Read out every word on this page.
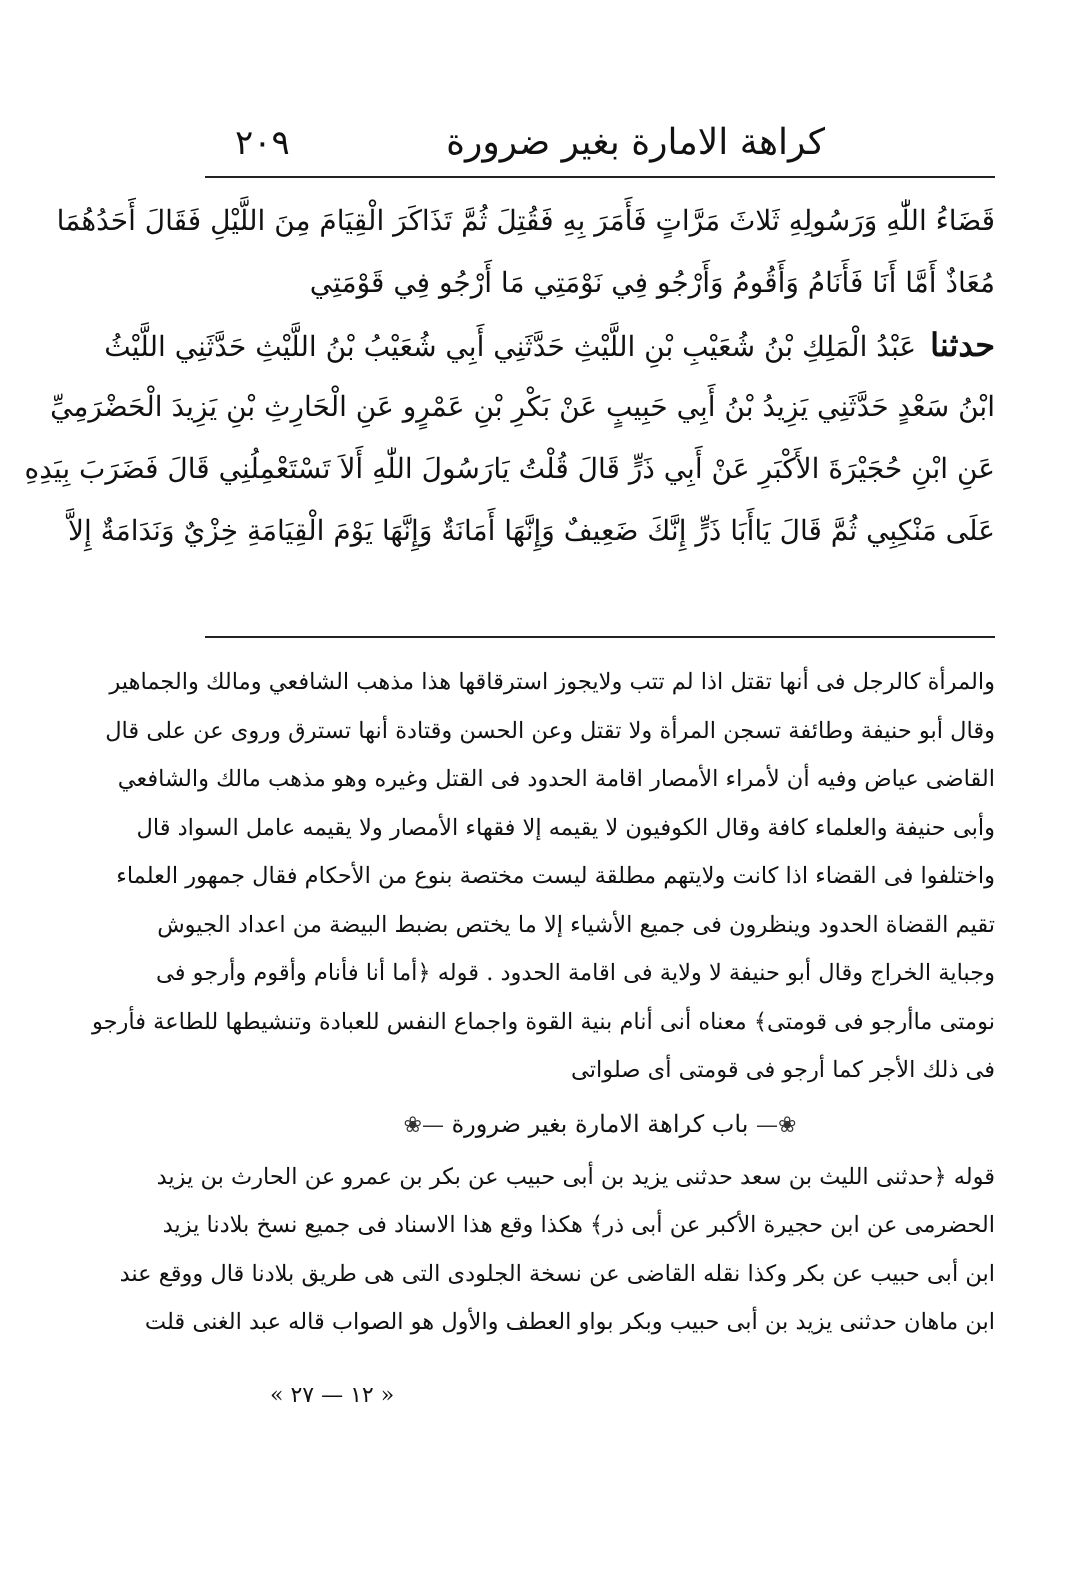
كراهة الامارة بغير ضرورة
٢٠٩
قَضَاءُ اللّٰهِ وَرَسُولِهِ ثَلاثَ مَرَّاتٍ فَأَمَرَ بِهِ فَقُتِلَ ثُمَّ تَذَاكَرَ الْقِيَامَ مِنَ اللَّيْلِ فَقَالَ أَحَدُهُمَا
مُعَاذٌ أَمَّا أَنَا فَأَنَامُ وَأَقُومُ وَأَرْجُو فِي نَوْمَتِي مَا أَرْجُو فِي قَوْمَتِي
حدثناعَبْدُ الْمَلِكِ بْنُ شُعَيْبِ بْنِ اللَّيْثِ حَدَّثَنِي أَبِي شُعَيْبُ بْنُ اللَّيْثِ حَدَّثَنِي اللَّيْثُ
ابْنُ سَعْدٍ حَدَّثَنِي يَزِيدُ بْنُ أَبِي حَبِيبٍ عَنْ بَكْرِ بْنِ عَمْرٍو عَنِ الْحَارِثِ بْنِ يَزِيدَ الْحَضْرَمِيِّ
عَنِ ابْنِ حُجَيْرَةَ الأَكْبَرِ عَنْ أَبِي ذَرٍّ قَالَ قُلْتُ يَارَسُولَ اللّٰهِ أَلاَ تَسْتَعْمِلُنِي قَالَ فَضَرَبَ بِيَدِهِ
عَلَى مَنْكِبِي ثُمَّ قَالَ يَاأَبَا ذَرٍّ إِنَّكَ ضَعِيفٌ وَإِنَّهَا أَمَانَةٌ وَإِنَّهَا يَوْمَ الْقِيَامَةِ خِزْيٌ وَنَدَامَةٌ إِلاَّ
والمرأة كالرجل فى أنها تقتل اذا لم تتب ولايجوز استرقاقها هذا مذهب الشافعي ومالك والجماهير
وقال أبو حنيفة وطائفة تسجن المرأة ولا تقتل وعن الحسن وقتادة أنها تسترق وروى عن على قال
القاضى عياض وفيه أن لأمراء الأمصار اقامة الحدود فى القتل وغيره وهو مذهب مالك والشافعي
وأبى حنيفة والعلماء كافة وقال الكوفيون لا يقيمه إلا فقهاء الأمصار ولا يقيمه عامل السواد قال
واختلفوا فى القضاء اذا كانت ولايتهم مطلقة ليست مختصة بنوع من الأحكام فقال جمهور العلماء
تقيم القضاة الحدود وينظرون فى جميع الأشياء إلا ما يختص بضبط البيضة من اعداد الجيوش
وجباية الخراج وقال أبو حنيفة لا ولاية فى اقامة الحدود . قوله ﴿أما أنا فأنام وأقوم وأرجو فى
نومتى ماأرجو فى قومتى﴾ معناه أنى أنام بنية القوة واجماع النفس للعبادة وتنشيطها للطاعة فأرجو
فى ذلك الأجر كما أرجو فى قومتى أى صلواتى
❀— باب كراهة الامارة بغير ضرورة —❀
قوله ﴿حدثنى الليث بن سعد حدثنى يزيد بن أبى حبيب عن بكر بن عمرو عن الحارث بن يزيد
الحضرمى عن ابن حجيرة الأكبر عن أبى ذر﴾ هكذا وقع هذا الاسناد فى جميع نسخ بلادنا يزيد
ابن أبى حبيب عن بكر وكذا نقله القاضى عن نسخة الجلودى التى هى طريق بلادنا قال ووقع عند
ابن ماهان حدثنى يزيد بن أبى حبيب وبكر بواو العطف والأول هو الصواب قاله عبد الغنى قلت
« ١٢ — ٢٧ »
